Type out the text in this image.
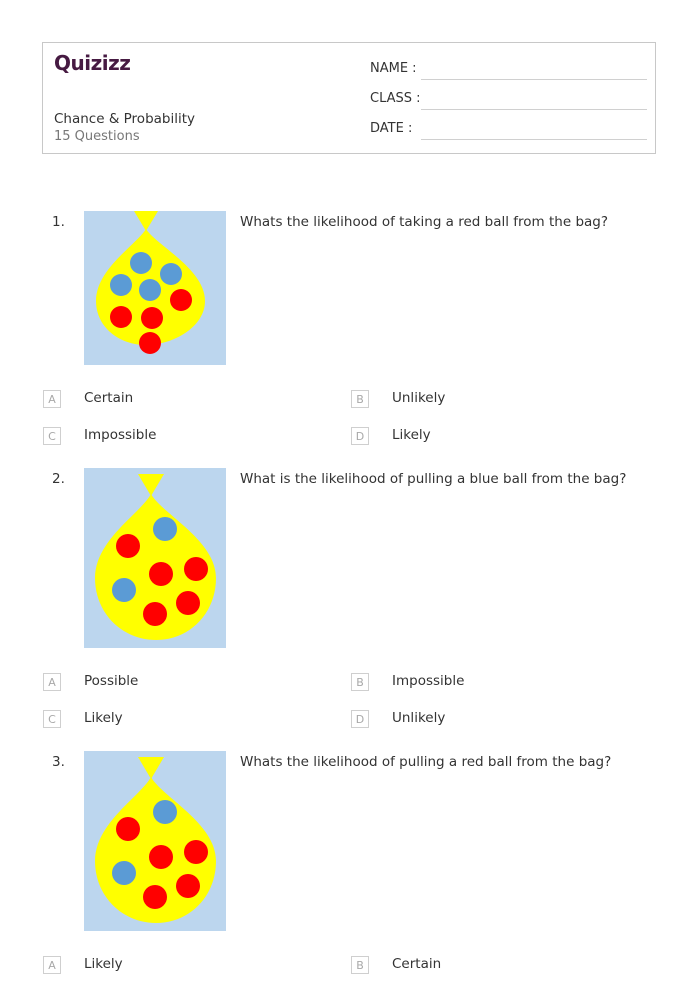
Quizizz
Chance & Probability
15 Questions
NAME :
CLASS :
DATE :
1.	Whats the likelihood of taking a red ball from the bag?
A	Certain	B	Unlikely
C	Impossible	D	Likely
2.	What is the likelihood of pulling a blue ball from the bag?
A	Possible	B	Impossible
C	Likely	D	Unlikely
3.	Whats the likelihood of pulling a red ball from the bag?
A	Likely	B	Certain
